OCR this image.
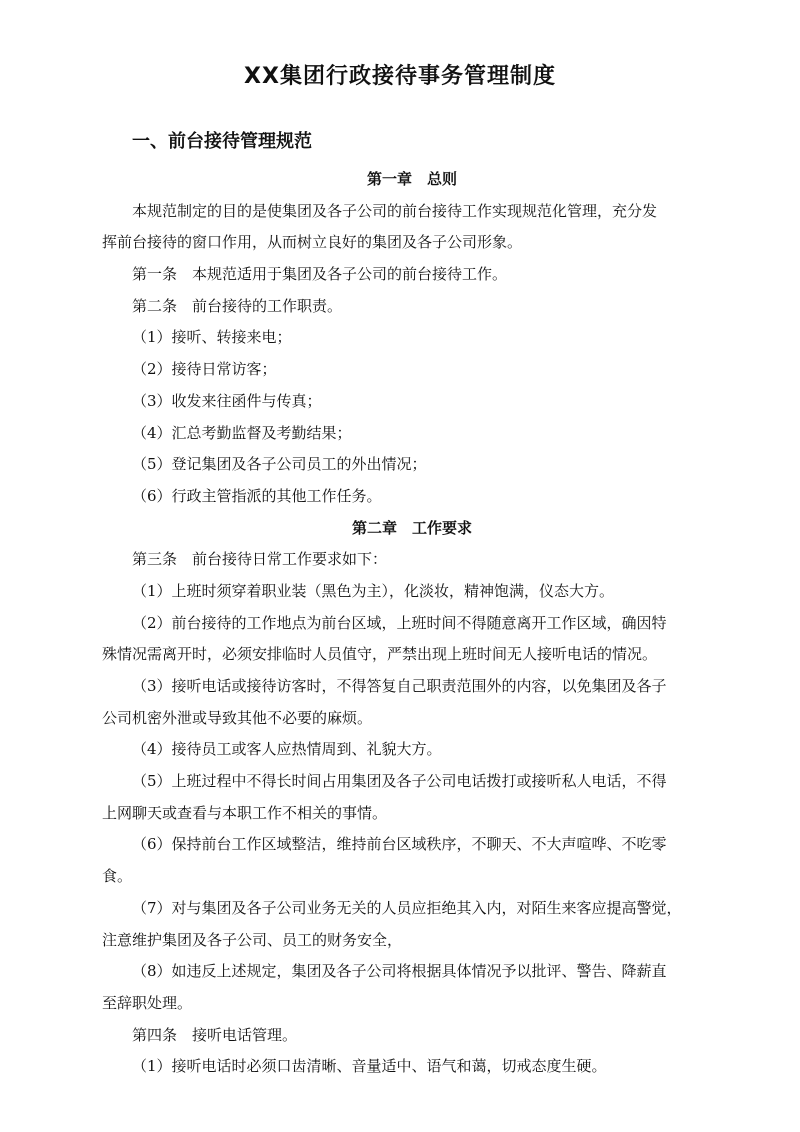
XX集团行政接待事务管理制度
一、前台接待管理规范
第一章　总则
本规范制定的目的是使集团及各子公司的前台接待工作实现规范化管理，充分发
挥前台接待的窗口作用，从而树立良好的集团及各子公司形象。
第一条　本规范适用于集团及各子公司的前台接待工作。
第二条　前台接待的工作职责。
（1）接听、转接来电；
（2）接待日常访客；
（3）收发来往函件与传真；
（4）汇总考勤监督及考勤结果；
（5）登记集团及各子公司员工的外出情况；
（6）行政主管指派的其他工作任务。
第二章　工作要求
第三条　前台接待日常工作要求如下：
（1）上班时须穿着职业装（黑色为主），化淡妆，精神饱满，仪态大方。
（2）前台接待的工作地点为前台区域，上班时间不得随意离开工作区域，确因特
殊情况需离开时，必须安排临时人员值守，严禁出现上班时间无人接听电话的情况。
（3）接听电话或接待访客时，不得答复自己职责范围外的内容，以免集团及各子
公司机密外泄或导致其他不必要的麻烦。
（4）接待员工或客人应热情周到、礼貌大方。
（5）上班过程中不得长时间占用集团及各子公司电话拨打或接听私人电话，不得
上网聊天或查看与本职工作不相关的事情。
（6）保持前台工作区域整洁，维持前台区域秩序，不聊天、不大声喧哗、不吃零
食。
（7）对与集团及各子公司业务无关的人员应拒绝其入内，对陌生来客应提高警觉，
注意维护集团及各子公司、员工的财务安全，
（8）如违反上述规定，集团及各子公司将根据具体情况予以批评、警告、降薪直
至辞职处理。
第四条　接听电话管理。
（1）接听电话时必须口齿清晰、音量适中、语气和蔼，切戒态度生硬。
